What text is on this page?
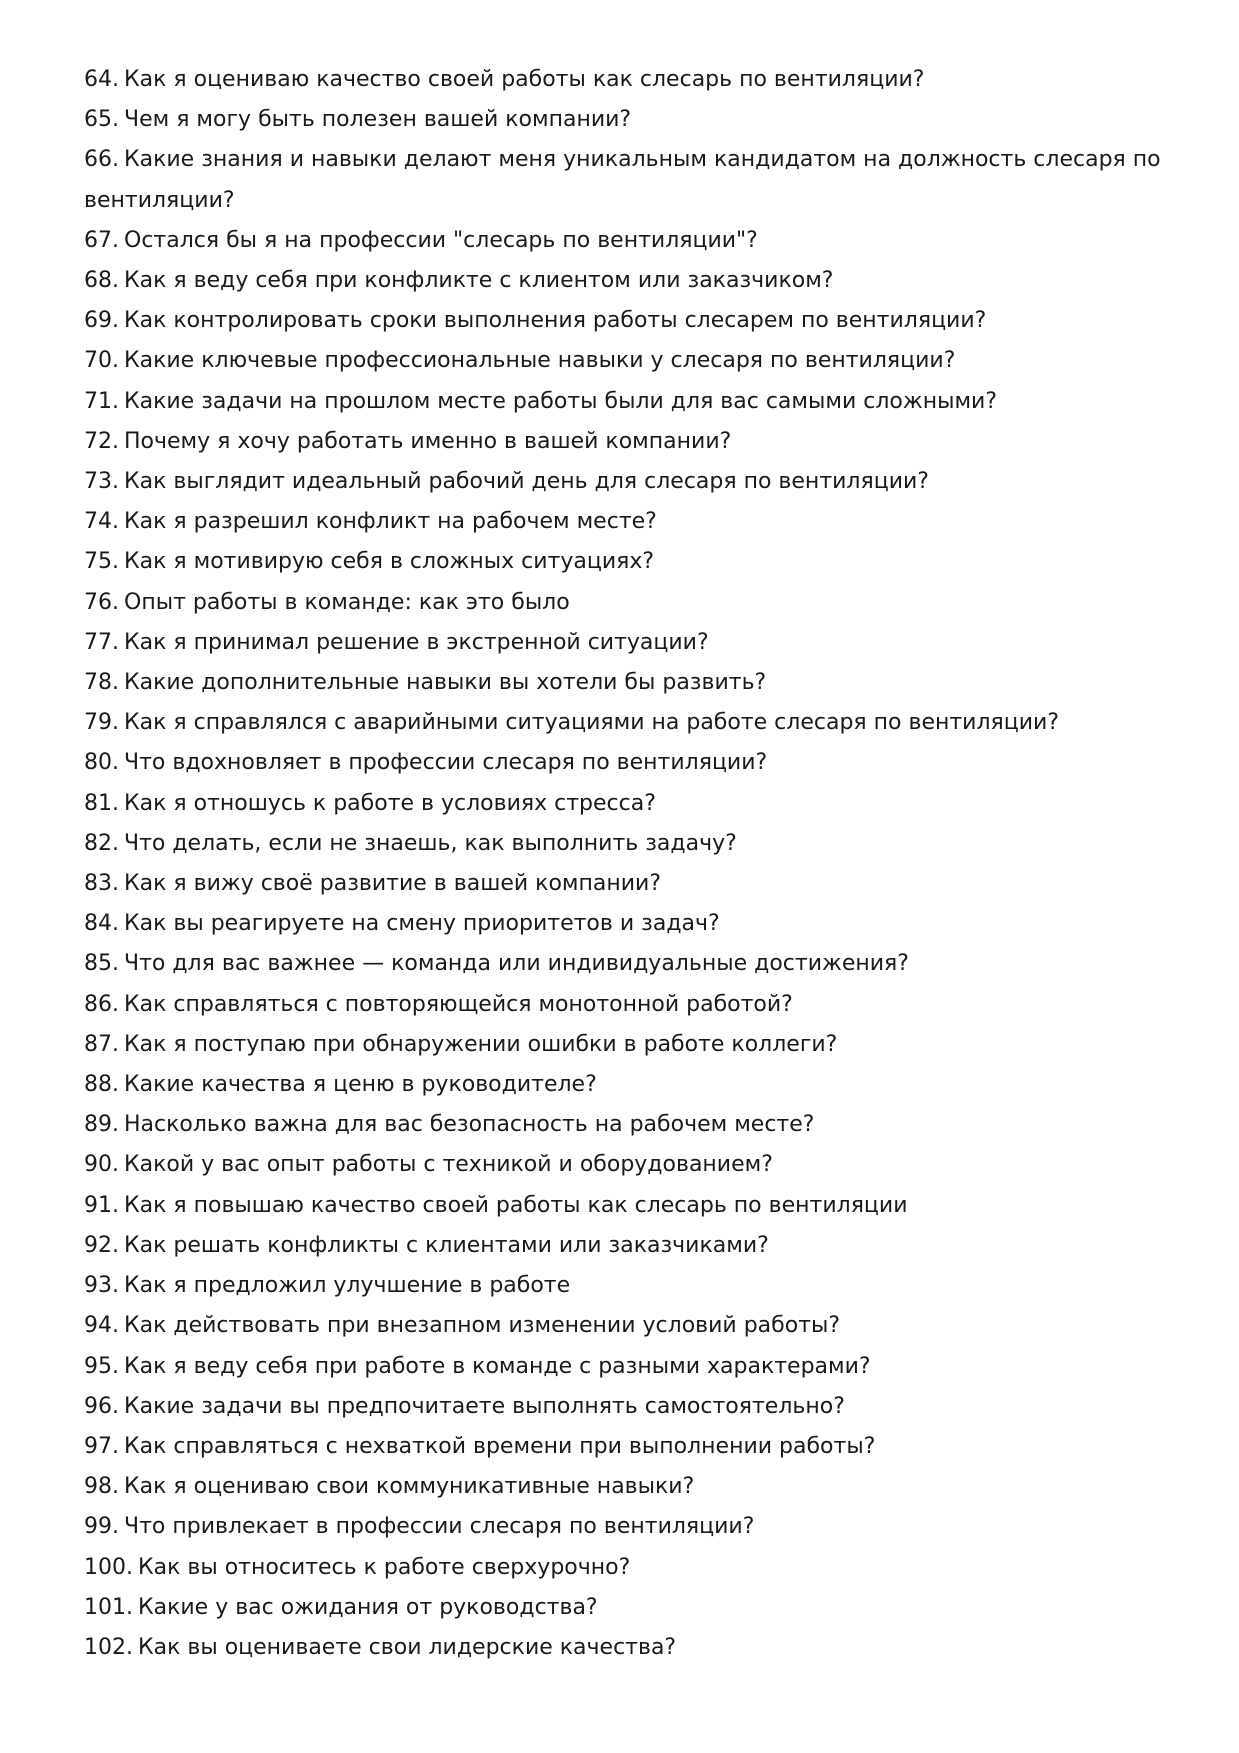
64. Как я оцениваю качество своей работы как слесарь по вентиляции?
65. Чем я могу быть полезен вашей компании?
66. Какие знания и навыки делают меня уникальным кандидатом на должность слесаря по вентиляции?
67. Остался бы я на профессии "слесарь по вентиляции"?
68. Как я веду себя при конфликте с клиентом или заказчиком?
69. Как контролировать сроки выполнения работы слесарем по вентиляции?
70. Какие ключевые профессиональные навыки у слесаря по вентиляции?
71. Какие задачи на прошлом месте работы были для вас самыми сложными?
72. Почему я хочу работать именно в вашей компании?
73. Как выглядит идеальный рабочий день для слесаря по вентиляции?
74. Как я разрешил конфликт на рабочем месте?
75. Как я мотивирую себя в сложных ситуациях?
76. Опыт работы в команде: как это было
77. Как я принимал решение в экстренной ситуации?
78. Какие дополнительные навыки вы хотели бы развить?
79. Как я справлялся с аварийными ситуациями на работе слесаря по вентиляции?
80. Что вдохновляет в профессии слесаря по вентиляции?
81. Как я отношусь к работе в условиях стресса?
82. Что делать, если не знаешь, как выполнить задачу?
83. Как я вижу своё развитие в вашей компании?
84. Как вы реагируете на смену приоритетов и задач?
85. Что для вас важнее — команда или индивидуальные достижения?
86. Как справляться с повторяющейся монотонной работой?
87. Как я поступаю при обнаружении ошибки в работе коллеги?
88. Какие качества я ценю в руководителе?
89. Насколько важна для вас безопасность на рабочем месте?
90. Какой у вас опыт работы с техникой и оборудованием?
91. Как я повышаю качество своей работы как слесарь по вентиляции
92. Как решать конфликты с клиентами или заказчиками?
93. Как я предложил улучшение в работе
94. Как действовать при внезапном изменении условий работы?
95. Как я веду себя при работе в команде с разными характерами?
96. Какие задачи вы предпочитаете выполнять самостоятельно?
97. Как справляться с нехваткой времени при выполнении работы?
98. Как я оцениваю свои коммуникативные навыки?
99. Что привлекает в профессии слесаря по вентиляции?
100. Как вы относитесь к работе сверхурочно?
101. Какие у вас ожидания от руководства?
102. Как вы оцениваете свои лидерские качества?
